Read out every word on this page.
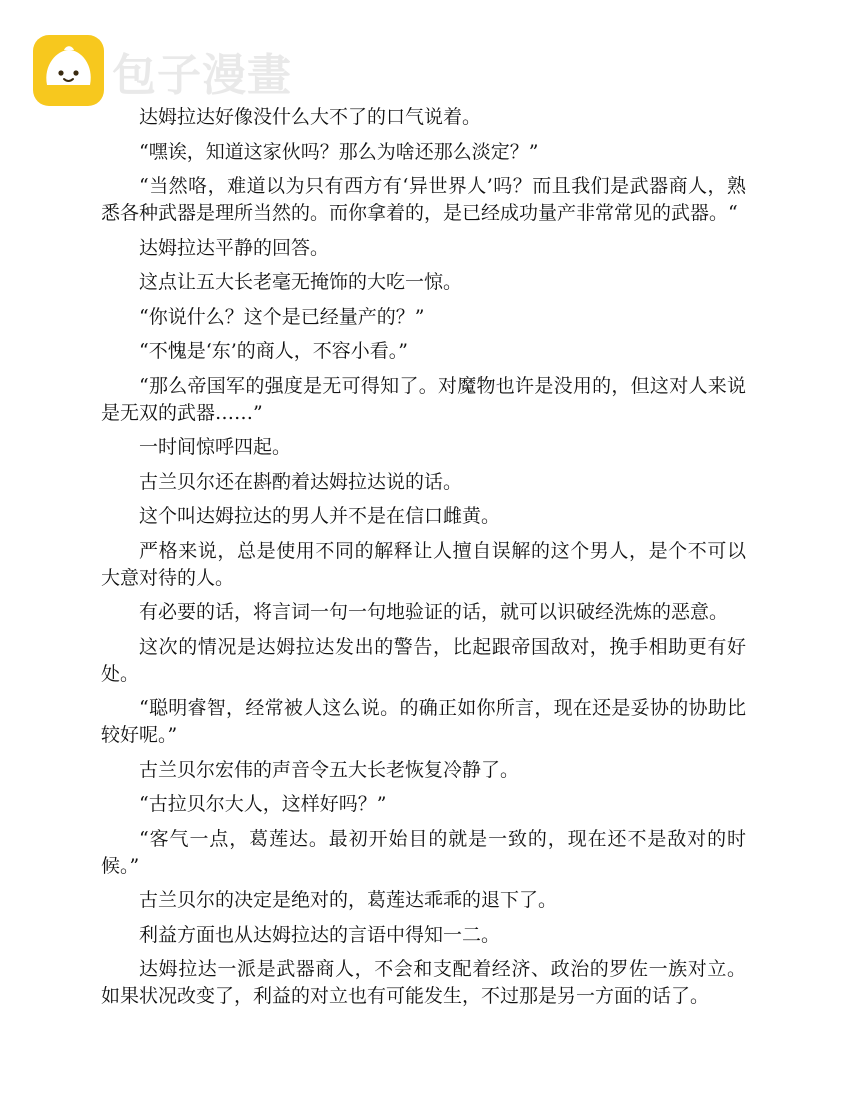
包子漫畫

达姆拉达好像没什么大不了的口气说着。

“嘿诶，知道这家伙吗？那么为啥还那么淡定？”

“当然咯，难道以为只有西方有‘异世界人’吗？而且我们是武器商人，熟悉各种武器是理所当然的。而你拿着的，是已经成功量产非常常见的武器。“

达姆拉达平静的回答。

这点让五大长老毫无掩饰的大吃一惊。

“你说什么？这个是已经量产的？”

“不愧是‘东’的商人，不容小看。”

“那么帝国军的强度是无可得知了。对魔物也许是没用的，但这对人来说是无双的武器……”

一时间惊呼四起。

古兰贝尔还在斟酌着达姆拉达说的话。

这个叫达姆拉达的男人并不是在信口雌黄。

严格来说，总是使用不同的解释让人擅自误解的这个男人，是个不可以大意对待的人。

有必要的话，将言词一句一句地验证的话，就可以识破经洗炼的恶意。

这次的情况是达姆拉达发出的警告，比起跟帝国敌对，挽手相助更有好处。

“聪明睿智，经常被人这么说。的确正如你所言，现在还是妥协的协助比较好呢。”

古兰贝尔宏伟的声音令五大长老恢复冷静了。

“古拉贝尔大人，这样好吗？”

“客气一点，葛莲达。最初开始目的就是一致的，现在还不是敌对的时候。”

古兰贝尔的决定是绝对的，葛莲达乖乖的退下了。

利益方面也从达姆拉达的言语中得知一二。

达姆拉达一派是武器商人，不会和支配着经济、政治的罗佐一族对立。如果状况改变了，利益的对立也有可能发生，不过那是另一方面的话了。
